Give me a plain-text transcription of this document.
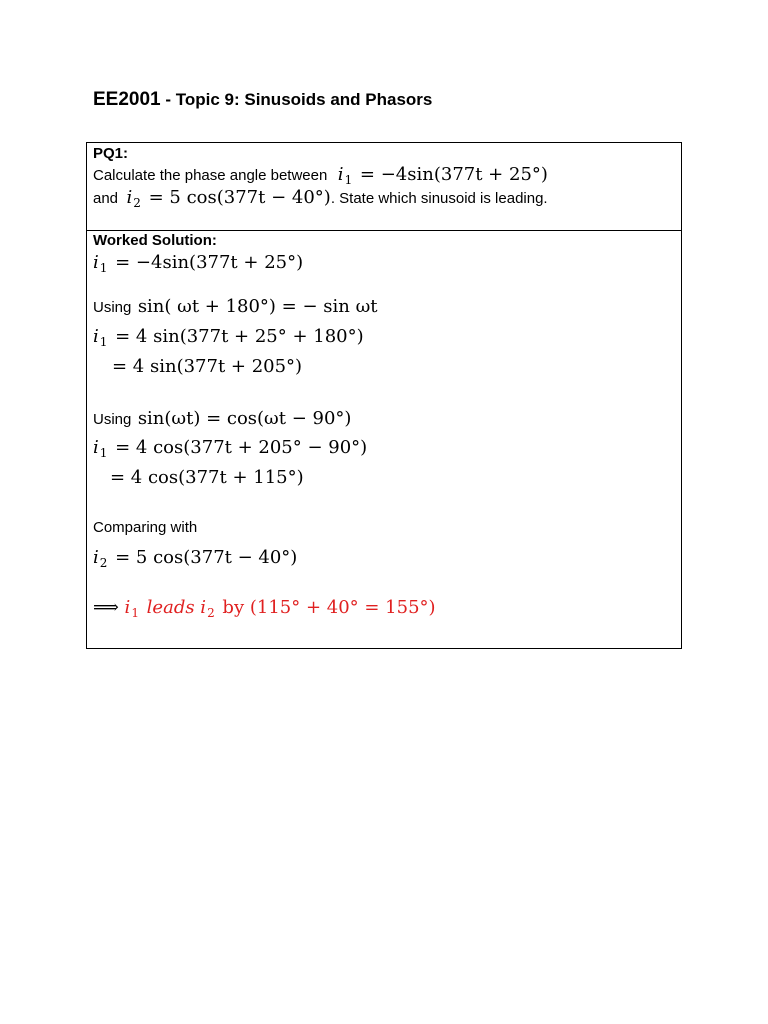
EE2001 - Topic 9: Sinusoids and Phasors
PQ1:
Calculate the phase angle between $i_1 = -4\sin(377t + 25^\circ)$
and $i_2 = 5$ cos(377t − 40°). State which sinusoid is leading.
Worked Solution:
$i_1 = -4\sin(377t + 25^\circ)$
Using sin( ωt + 180°) = − sin ωt
$i_1 = 4$ sin(377t + 25° + 180°)
= 4 sin(377t + 205°)
Using sin(ωt) = cos(ωt − 90°)
$i_1 = 4$ cos(377t + 205° − 90°)
= 4 cos(377t + 115°)
Comparing with
$i_2 = 5$ cos(377t − 40°)
⟹ $i_1$ leads $i_2$ by (115° + 40° = 155°)
